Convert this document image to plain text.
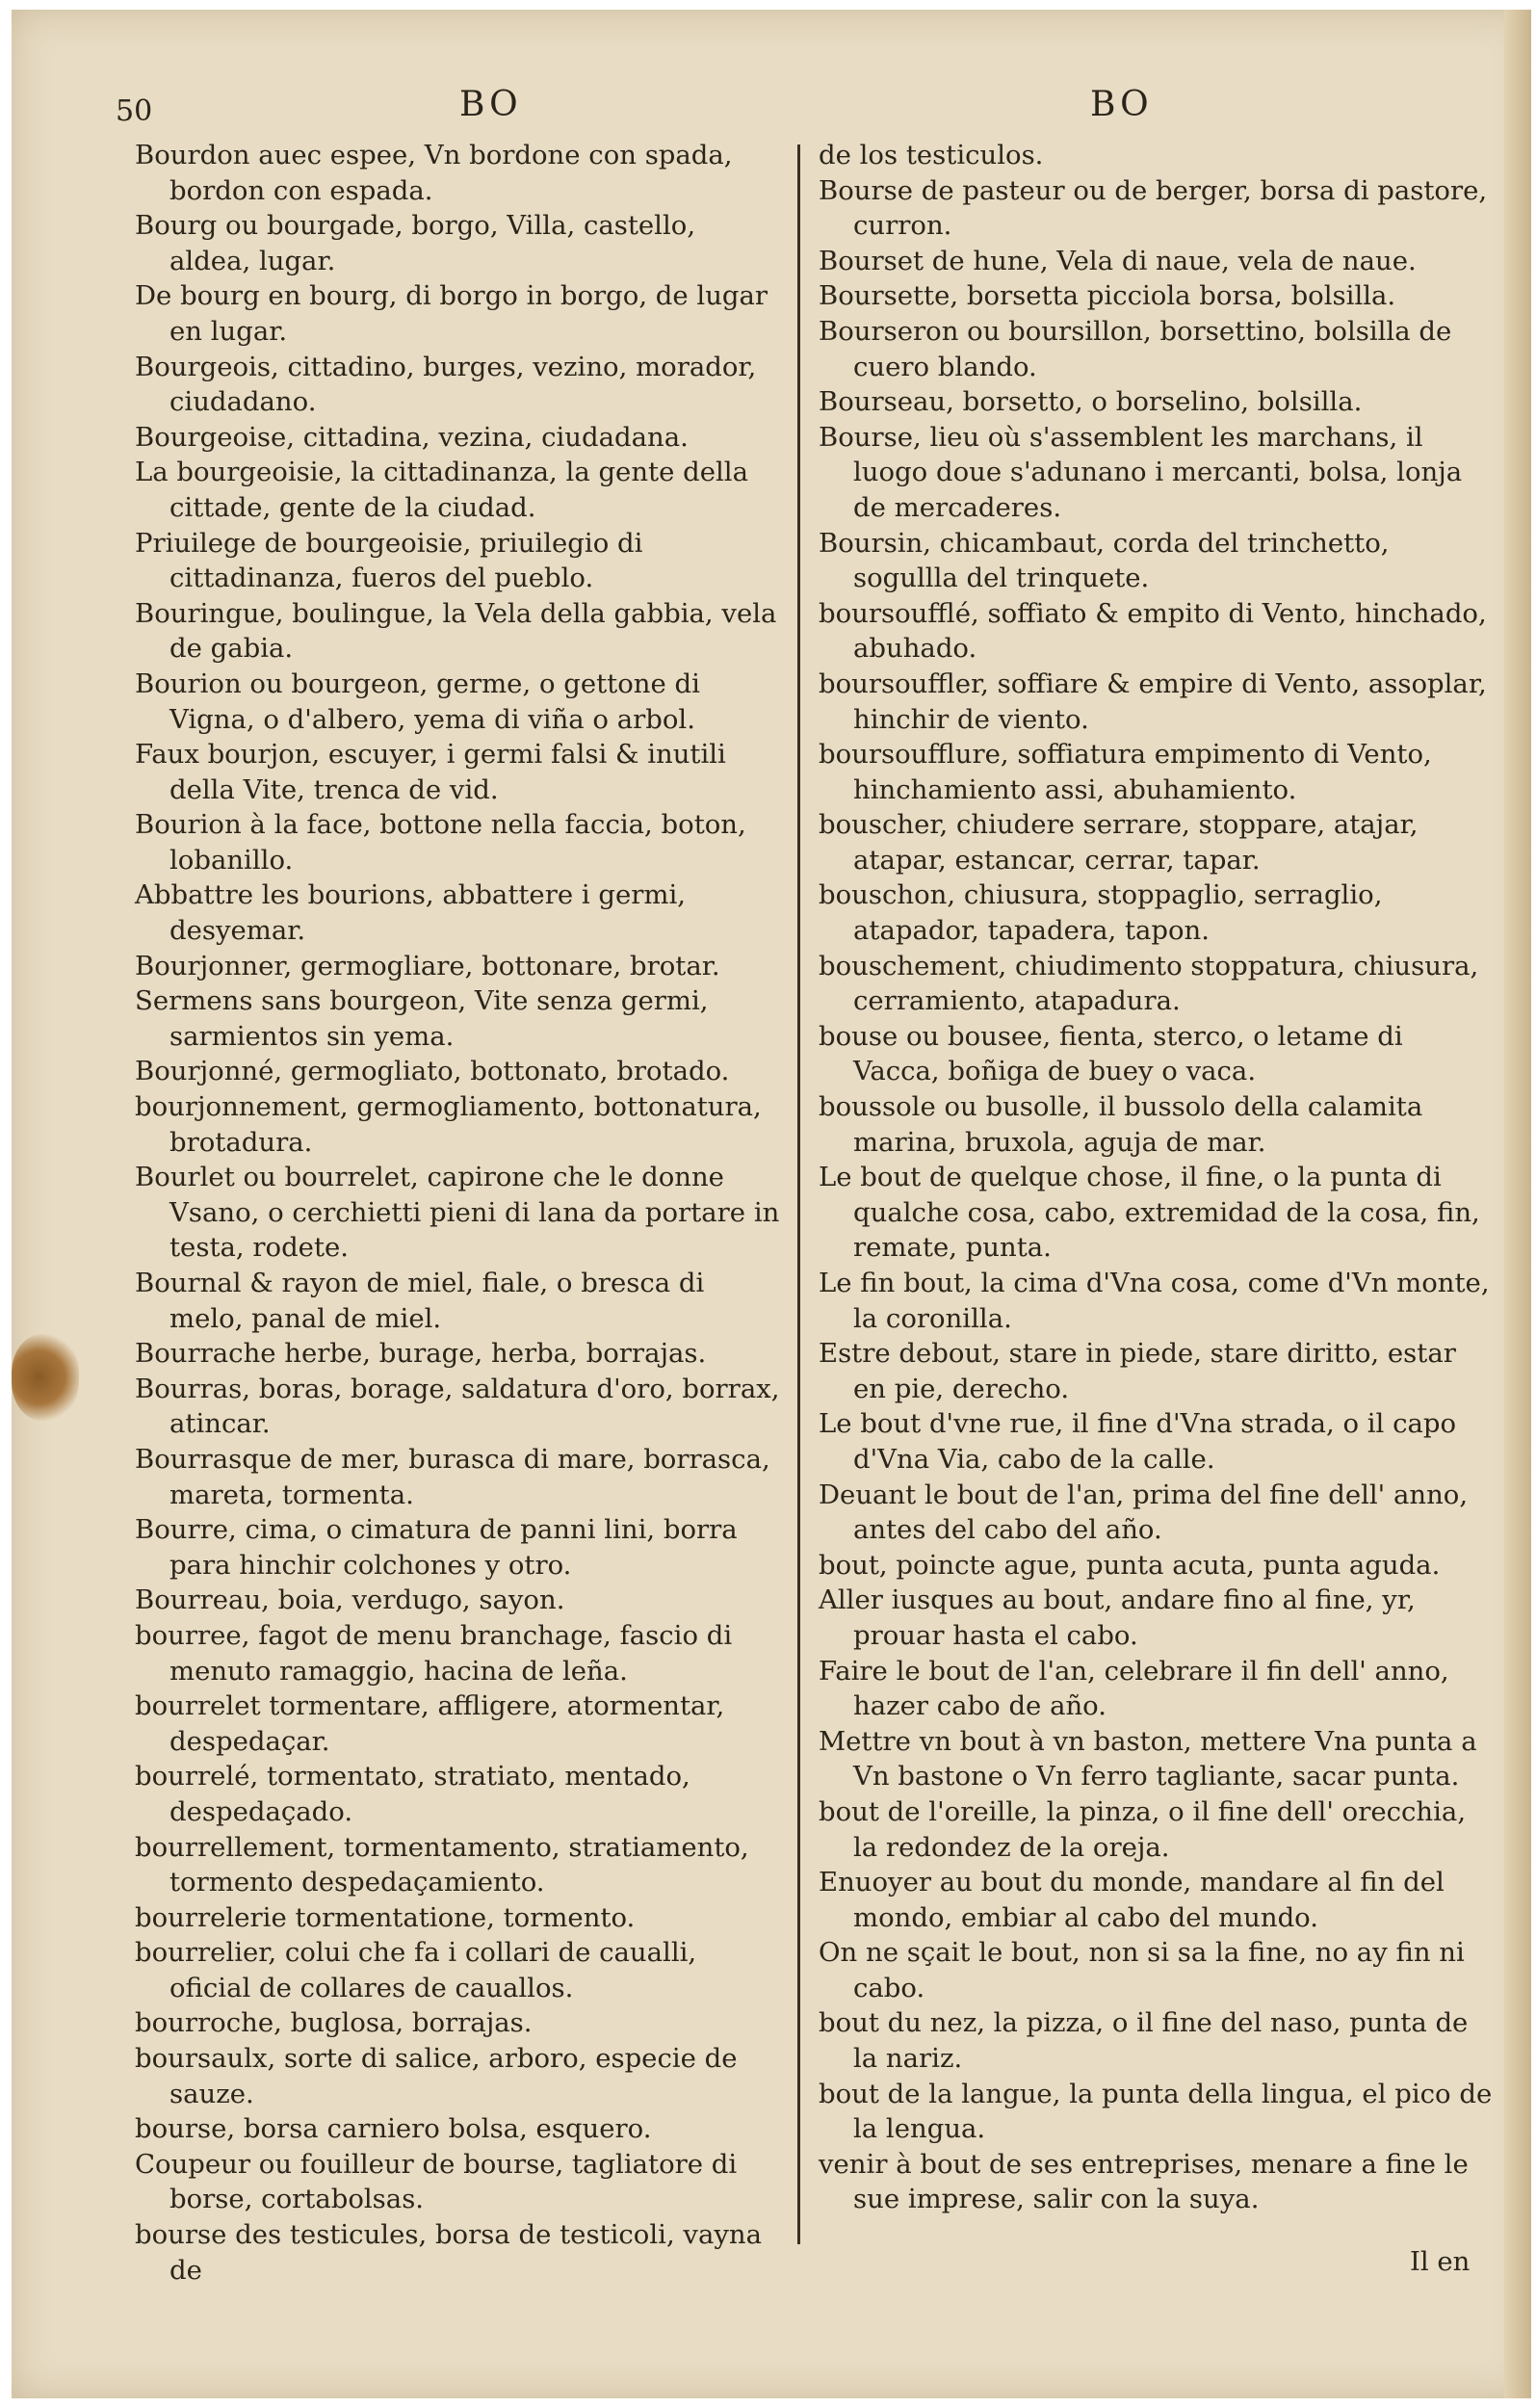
50	BO	BO

Bourdon auec espee, Vn bordone con spada, bordon con espada.

Bourg ou bourgade, borgo, Villa, castello, aldea, lugar.

De bourg en bourg, di borgo in borgo, de lugar en lugar.

Bourgeois, cittadino, burges, vezino, morador, ciudadano.

Bourgeoise, cittadina, vezina, ciudadana.

La bourgeoisie, la cittadinanza, la gente della cittade, gente de la ciudad.

Priuilege de bourgeoisie, priuilegio di cittadinanza, fueros del pueblo.

Bouringue, boulingue, la Vela della gabbia, vela de gabia.

Bourion ou bourgeon, germe, o gettone di Vigna, o d'albero, yema di viña o arbol.

Faux bourjon, escuyer, i germi falsi & inutili della Vite, trenca de vid.

Bourion à la face, bottone nella faccia, boton, lobanillo.

Abbattre les bourions, abbattere i germi, desyemar.

Bourjonner, germogliare, bottonare, brotar.

Sermens sans bourgeon, Vite senza germi, sarmientos sin yema.

Bourjonné, germogliato, bottonato, brotado.

bourjonnement, germogliamento, bottonatura, brotadura.

Bourlet ou bourrelet, capirone che le donne Vsano, o cerchietti pieni di lana da portare in testa, rodete.

Bournal & rayon de miel, fiale, o bresca di melo, panal de miel.

Bourrache herbe, burage, herba, borrajas.

Bourras, boras, borage, saldatura d'oro, borrax, atincar.

Bourrasque de mer, burasca di mare, borrasca, mareta, tormenta.

Bourre, cima, o cimatura de panni lini, borra para hinchir colchones y otro.

Bourreau, boia, verdugo, sayon.

bourree, fagot de menu branchage, fascio di menuto ramaggio, hacina de leña.

bourrelet tormentare, affligere, atormentar, despedaçar.

bourrelé, tormentato, stratiato, mentado, despedaçado.

bourrellement, tormentamento, stratiamento, tormento despedaçamiento.

bourrelerie tormentatione, tormento.

bourrelier, colui che fa i collari de caualli, oficial de collares de cauallos.

bourroche, buglosa, borrajas.

boursaulx, sorte di salice, arboro, especie de sauze.

bourse, borsa carniero bolsa, esquero.

Coupeur ou fouilleur de bourse, tagliatore di borse, cortabolsas.

bourse des testicules, borsa de testicoli, vayna de

de los testiculos.

Bourse de pasteur ou de berger, borsa di pastore, curron.

Bourset de hune, Vela di naue, vela de naue.

Boursette, borsetta picciola borsa, bolsilla.

Bourseron ou boursillon, borsettino, bolsilla de cuero blando.

Bourseau, borsetto, o borselino, bolsilla.

Bourse, lieu où s'assemblent les marchans, il luogo doue s'adunano i mercanti, bolsa, lonja de mercaderes.

Boursin, chicambaut, corda del trinchetto, sogullla del trinquete.

boursoufflé, soffiato & empito di Vento, hinchado, abuhado.

boursouffler, soffiare & empire di Vento, assoplar, hinchir de viento.

boursoufflure, soffiatura empimento di Vento, hinchamiento assi, abuhamiento.

bouscher, chiudere serrare, stoppare, atajar, atapar, estancar, cerrar, tapar.

bouschon, chiusura, stoppaglio, serraglio, atapador, tapadera, tapon.

bouschement, chiudimento stoppatura, chiusura, cerramiento, atapadura.

bouse ou bousee, fienta, sterco, o letame di Vacca, boñiga de buey o vaca.

boussole ou busolle, il bussolo della calamita marina, bruxola, aguja de mar.

Le bout de quelque chose, il fine, o la punta di qualche cosa, cabo, extremidad de la cosa, fin, remate, punta.

Le fin bout, la cima d'Vna cosa, come d'Vn monte, la coronilla.

Estre debout, stare in piede, stare diritto, estar en pie, derecho.

Le bout d'vne rue, il fine d'Vna strada, o il capo d'Vna Via, cabo de la calle.

Deuant le bout de l'an, prima del fine dell' anno, antes del cabo del año.

bout, poincte ague, punta acuta, punta aguda.

Aller iusques au bout, andare fino al fine, yr, prouar hasta el cabo.

Faire le bout de l'an, celebrare il fin dell' anno, hazer cabo de año.

Mettre vn bout à vn baston, mettere Vna punta a Vn bastone o Vn ferro tagliante, sacar punta.

bout de l'oreille, la pinza, o il fine dell' orecchia, la redondez de la oreja.

Enuoyer au bout du monde, mandare al fin del mondo, embiar al cabo del mundo.

On ne sçait le bout, non si sa la fine, no ay fin ni cabo.

bout du nez, la pizza, o il fine del naso, punta de la nariz.

bout de la langue, la punta della lingua, el pico de la lengua.

venir à bout de ses entreprises, menare a fine le sue imprese, salir con la suya.

Il en
